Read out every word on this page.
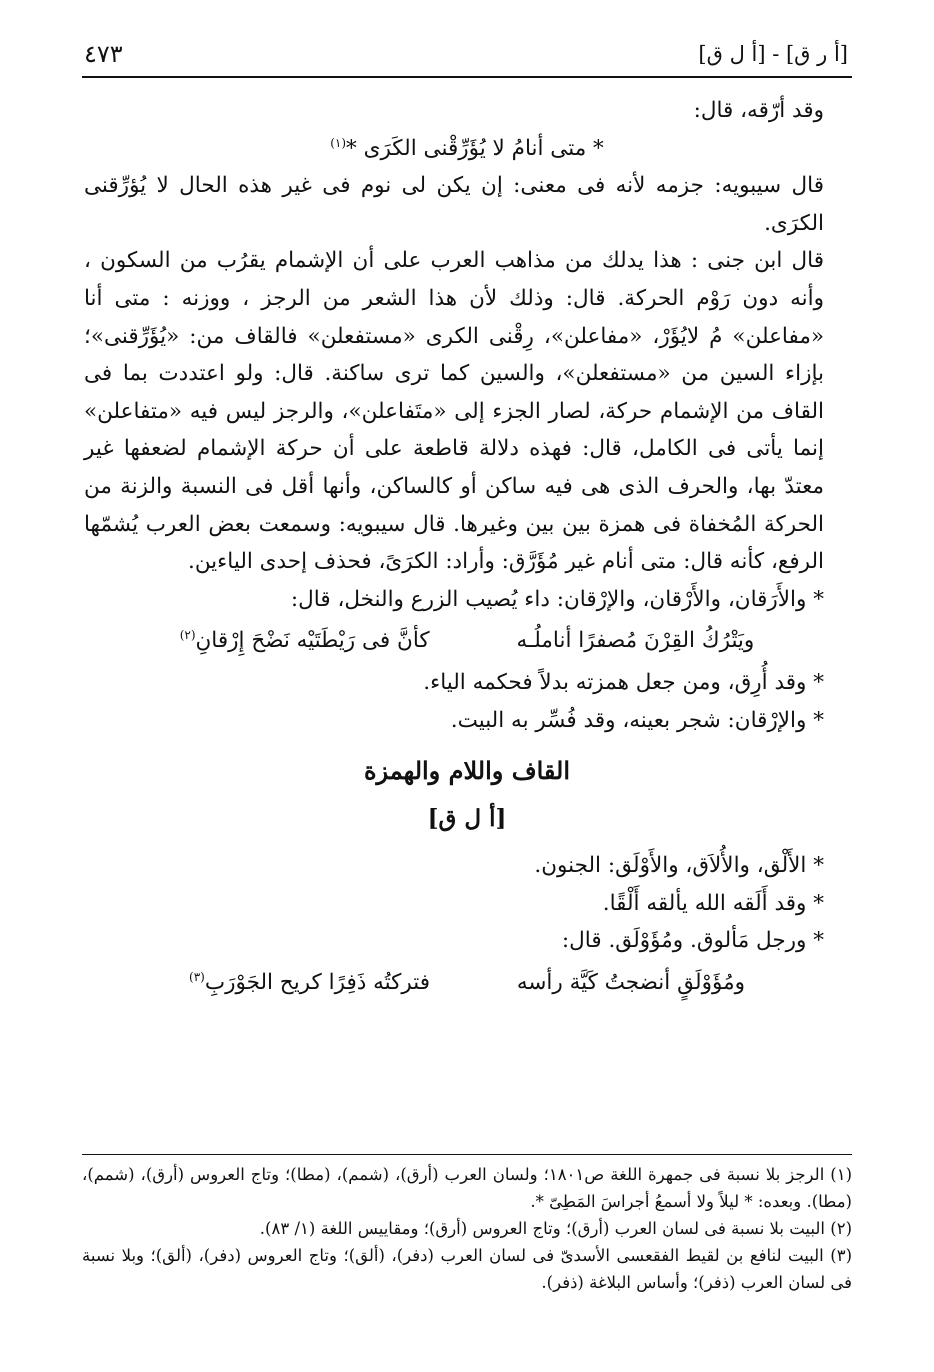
[أ ر ق] - [أ ل ق]
٤٧٣

وقد أرّقه، قال:

* متى أنامُ لا يُؤَرِّقْنى الكَرَى *$^{(١)}$

قال سيبويه: جزمه لأنه فى معنى: إن يكن لى نوم فى غير هذه الحال لا يُؤرِّقنى الكرَى.

قال ابن جنى : هذا يدلك من مذاهب العرب على أن الإشمام يقرُب من السكون ، وأنه دون رَوْم الحركة. قال: وذلك لأن هذا الشعر من الرجز ، ووزنه : متى أنا «مفاعلن» مُ لايُؤَرْ، «مفاعلن»، رِقْنى الكرى «مستفعلن» فالقاف من: «يُؤَرِّقنى»؛ بإزاء السين من «مستفعلن»، والسين كما ترى ساكنة. قال: ولو اعتددت بما فى القاف من الإشمام حركة، لصار الجزء إلى «متَفاعلن»، والرجز ليس فيه «متفاعلن» إنما يأتى فى الكامل، قال: فهذه دلالة قاطعة على أن حركة الإشمام لضعفها غير معتدّ بها، والحرف الذى هى فيه ساكن أو كالساكن، وأنها أقل فى النسبة والزنة من الحركة المُخفاة فى همزة بين بين وغيرها. قال سيبويه: وسمعت بعض العرب يُشمّها الرفع، كأنه قال: متى أنام غير مُؤَرَّق: وأراد: الكرَىً، فحذف إحدى الياءين.

* والأَرَقان، والأَرْقان، والإرْقان: داء يُصيب الزرع والنخل، قال:

ويَتْرُكُ القِرْنَ مُصفرًا أناملُـه كأنَّ فى رَيْطَتَيْه نَضْحَ إِرْقانِ$^{(٢)}$

* وقد أُرِق، ومن جعل همزته بدلاً فحكمه الياء.

* والإرْقان: شجر بعينه، وقد فُسِّر به البيت.

القاف واللام والهمزة
[أ ل ق]

* الأَلْق، والأُلاَق، والأَوْلَق: الجنون.

* وقد أَلَقه الله يألقه أَلْقًا.

* ورجل مَألوق. ومُؤَوْلَق. قال:

ومُؤَوْلَقٍ أنضجتُ كَيَّة رأسه فتركتُه ذَفِرًا كريح الجَوْرَبِ$^{(٣)}$

(١) الرجز بلا نسبة فى جمهرة اللغة ص١٨٠١؛ ولسان العرب (أرق)، (شمم)، (مطا)؛ وتاج العروس (أرق)، (شمم)، (مطا). وبعده: * ليلاً ولا أسمعُ أجراسَ المَطِىّ *.

(٢) البيت بلا نسبة فى لسان العرب (أرق)؛ وتاج العروس (أرق)؛ ومقاييس اللغة (١/ ٨٣).

(٣) البيت لنافع بن لقيط الفقعسى الأسدىّ فى لسان العرب (دفر)، (ألق)؛ وتاج العروس (دفر)، (ألق)؛ وبلا نسبة فى لسان العرب (ذفر)؛ وأساس البلاغة (ذفر).
